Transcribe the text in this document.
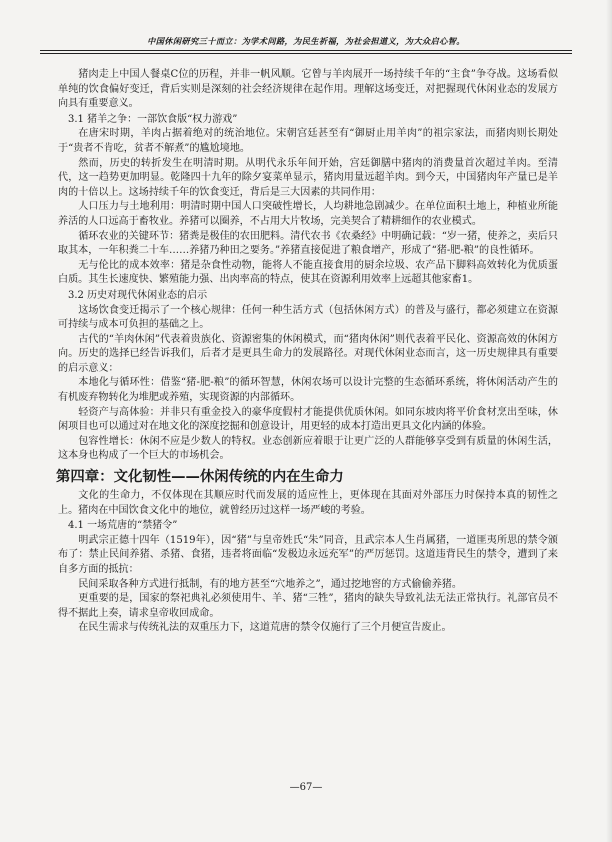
中国休闲研究三十而立：为学术问路，为民生祈福，为社会担道义，为大众启心智。

猪肉走上中国人餐桌C位的历程，并非一帆风顺。它曾与羊肉展开一场持续千年的“主食”争夺战。这场看似单纯的饮食偏好变迁，背后实则是深刻的社会经济规律在起作用。理解这场变迁，对把握现代休闲业态的发展方向具有重要意义。

3.1 猪羊之争：一部饮食版“权力游戏”

在唐宋时期，羊肉占据着绝对的统治地位。宋朝宫廷甚至有“御厨止用羊肉”的祖宗家法，而猪肉则长期处于“贵者不肯吃，贫者不解煮”的尴尬境地。

然而，历史的转折发生在明清时期。从明代永乐年间开始，宫廷御膳中猪肉的消费量首次超过羊肉。至清代，这一趋势更加明显。乾隆四十九年的除夕宴菜单显示，猪肉用量远超羊肉。到今天，中国猪肉年产量已是羊肉的十倍以上。这场持续千年的饮食变迁，背后是三大因素的共同作用：

人口压力与土地利用：明清时期中国人口突破性增长，人均耕地急剧减少。在单位面积土地上，种植业所能养活的人口远高于畜牧业。养猪可以圈养，不占用大片牧场，完美契合了精耕细作的农业模式。

循环农业的关键环节：猪粪是极佳的农田肥料。清代农书《农桑经》中明确记载：“岁一猪，使养之，卖后只取其本，一年积粪二十车……养猪乃种田之要务。”养猪直接促进了粮食增产，形成了“猪-肥-粮”的良性循环。

无与伦比的成本效率：猪是杂食性动物，能将人不能直接食用的厨余垃圾、农产品下脚料高效转化为优质蛋白质。其生长速度快、繁殖能力强、出肉率高的特点，使其在资源利用效率上远超其他家畜1。

3.2 历史对现代休闲业态的启示

这场饮食变迁揭示了一个核心规律：任何一种生活方式（包括休闲方式）的普及与盛行，都必须建立在资源可持续与成本可负担的基础之上。

古代的“羊肉休闲”代表着贵族化、资源密集的休闲模式，而“猪肉休闲”则代表着平民化、资源高效的休闲方向。历史的选择已经告诉我们，后者才是更具生命力的发展路径。对现代休闲业态而言，这一历史规律具有重要的启示意义：

本地化与循环性：借鉴“猪-肥-粮”的循环智慧，休闲农场可以设计完整的生态循环系统，将休闲活动产生的有机废弃物转化为堆肥或养殖，实现资源的内部循环。

轻资产与高体验：并非只有重金投入的豪华度假村才能提供优质休闲。如同东坡肉将平价食材烹出至味，休闲项目也可以通过对在地文化的深度挖掘和创意设计，用更轻的成本打造出更具文化内涵的体验。

包容性增长：休闲不应是少数人的特权。业态创新应着眼于让更广泛的人群能够享受到有质量的休闲生活，这本身也构成了一个巨大的市场机会。

第四章：文化韧性——休闲传统的内在生命力

文化的生命力，不仅体现在其顺应时代而发展的适应性上，更体现在其面对外部压力时保持本真的韧性之上。猪肉在中国饮食文化中的地位，就曾经历过这样一场严峻的考验。

4.1 一场荒唐的“禁猪令”

明武宗正德十四年（1519年），因“猪”与皇帝姓氏“朱”同音，且武宗本人生肖属猪，一道匪夷所思的禁令颁布了：禁止民间养猪、杀猪、食猪，违者将面临“发极边永远充军”的严厉惩罚。这道违背民生的禁令，遭到了来自多方面的抵抗：

民间采取各种方式进行抵制，有的地方甚至“穴地养之”，通过挖地窖的方式偷偷养猪。

更重要的是，国家的祭祀典礼必须使用牛、羊、猪“三牲”，猪肉的缺失导致礼法无法正常执行。礼部官员不得不据此上奏，请求皇帝收回成命。

在民生需求与传统礼法的双重压力下，这道荒唐的禁令仅施行了三个月便宣告废止。

—67—
